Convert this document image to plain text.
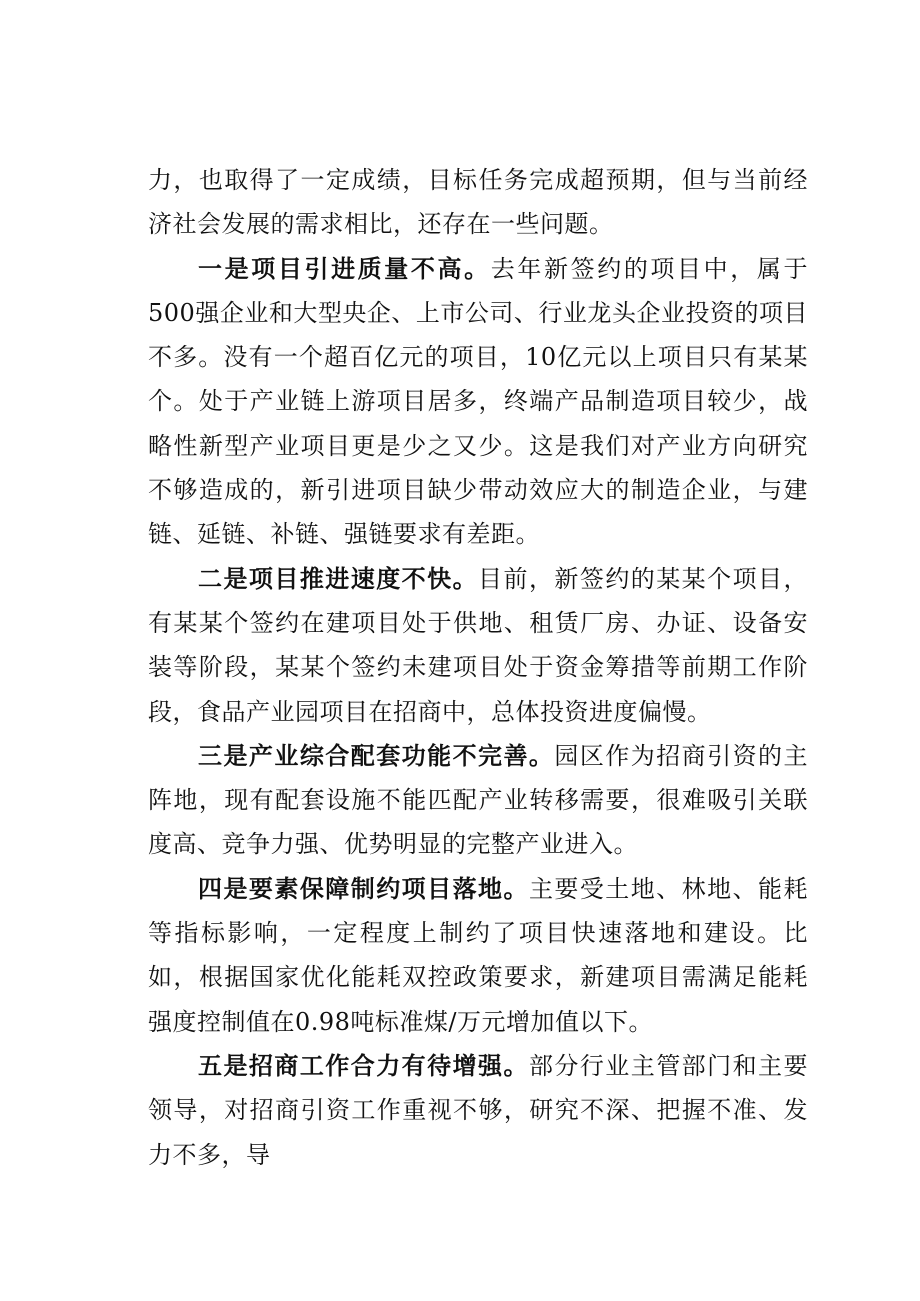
力，也取得了一定成绩，目标任务完成超预期，但与当前经济社会发展的需求相比，还存在一些问题。

一是项目引进质量不高。去年新签约的项目中，属于500强企业和大型央企、上市公司、行业龙头企业投资的项目不多。没有一个超百亿元的项目，10亿元以上项目只有某某个。处于产业链上游项目居多，终端产品制造项目较少，战略性新型产业项目更是少之又少。这是我们对产业方向研究不够造成的，新引进项目缺少带动效应大的制造企业，与建链、延链、补链、强链要求有差距。

二是项目推进速度不快。目前，新签约的某某个项目，有某某个签约在建项目处于供地、租赁厂房、办证、设备安装等阶段，某某个签约未建项目处于资金筹措等前期工作阶段，食品产业园项目在招商中，总体投资进度偏慢。

三是产业综合配套功能不完善。园区作为招商引资的主阵地，现有配套设施不能匹配产业转移需要，很难吸引关联度高、竞争力强、优势明显的完整产业进入。

四是要素保障制约项目落地。主要受土地、林地、能耗等指标影响，一定程度上制约了项目快速落地和建设。比如，根据国家优化能耗双控政策要求，新建项目需满足能耗强度控制值在0.98吨标准煤/万元增加值以下。

五是招商工作合力有待增强。部分行业主管部门和主要领导，对招商引资工作重视不够，研究不深、把握不准、发力不多，导
